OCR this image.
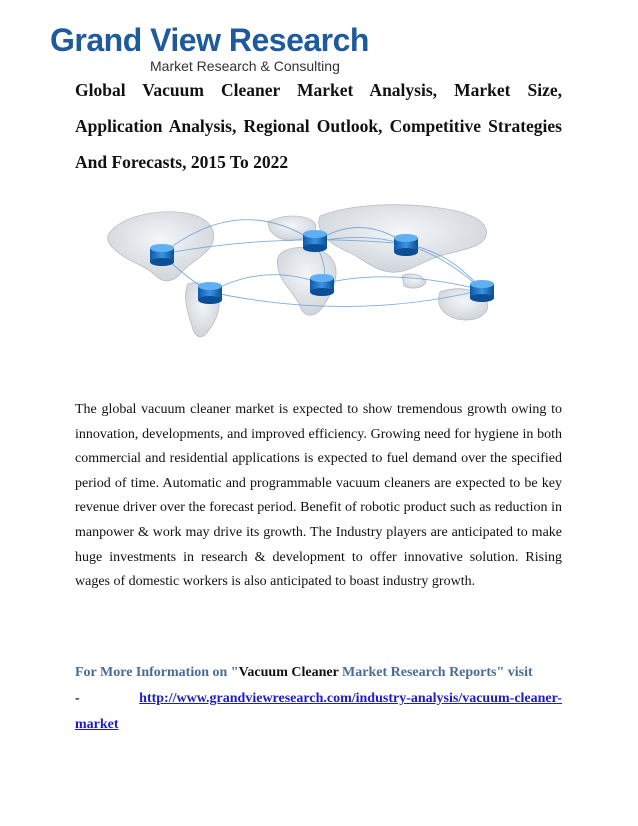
Grand View Research
Market Research & Consulting
Global Vacuum Cleaner Market Analysis, Market Size, Application Analysis, Regional Outlook, Competitive Strategies And Forecasts, 2015 To 2022

The global vacuum cleaner market is expected to show tremendous growth owing to innovation, developments, and improved efficiency. Growing need for hygiene in both commercial and residential applications is expected to fuel demand over the specified period of time. Automatic and programmable vacuum cleaners are expected to be key revenue driver over the forecast period. Benefit of robotic product such as reduction in manpower & work may drive its growth. The Industry players are anticipated to make huge investments in research & development to offer innovative solution. Rising wages of domestic workers is also anticipated to boast industry growth.

For More Information on "Vacuum Cleaner Market Research Reports" visit
-	http://www.grandviewresearch.com/industry-analysis/vacuum-cleaner-
market
